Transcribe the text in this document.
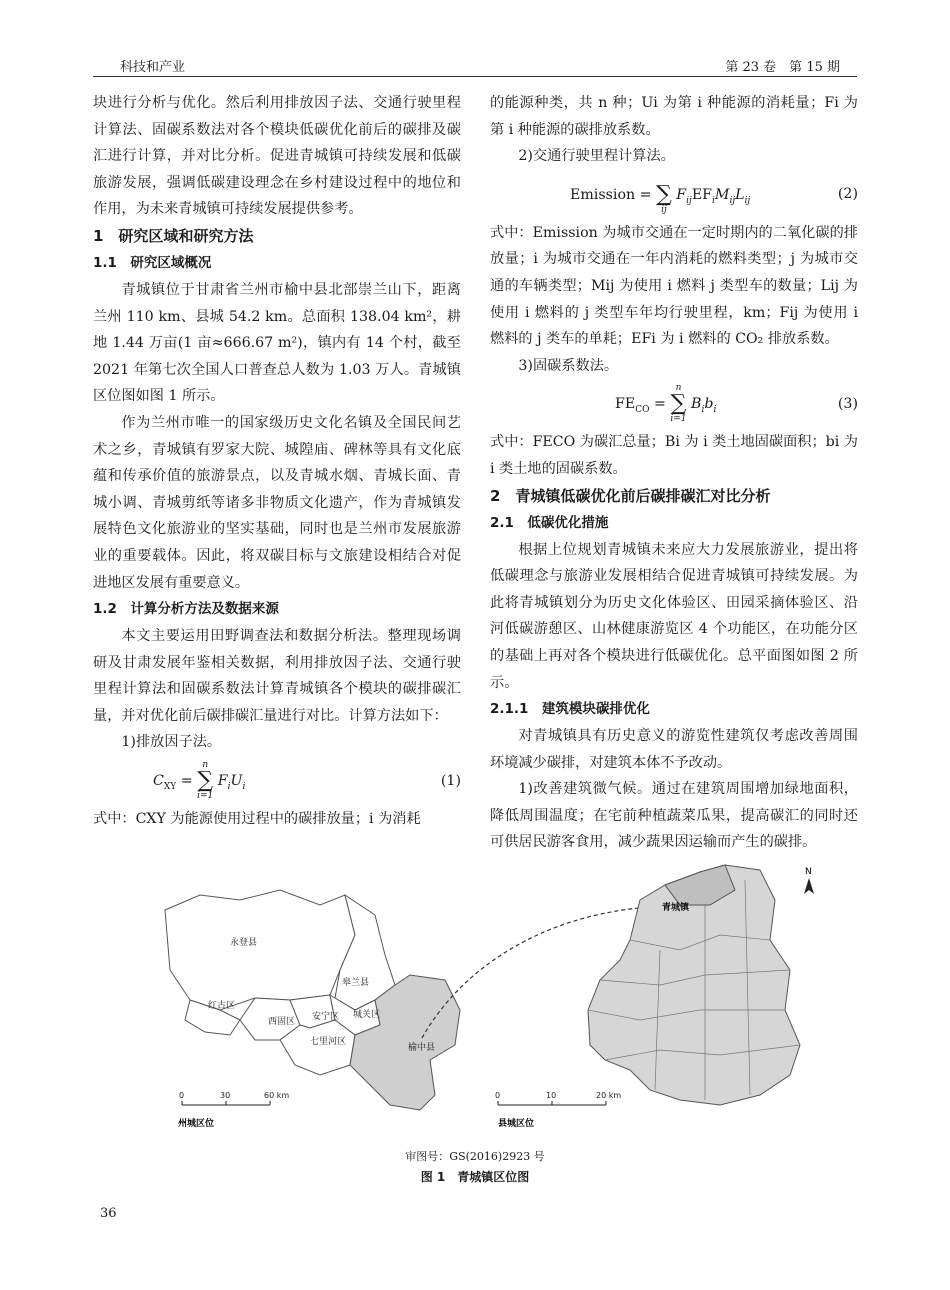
科技和产业	第 23 卷　第 15 期

块进行分析与优化。然后利用排放因子法、交通行驶里程计算法、固碳系数法对各个模块低碳优化前后的碳排及碳汇进行计算，并对比分析。促进青城镇可持续发展和低碳旅游发展，强调低碳建设理念在乡村建设过程中的地位和作用，为未来青城镇可持续发展提供参考。

1　研究区域和研究方法
1.1　研究区域概况

青城镇位于甘肃省兰州市榆中县北部崇兰山下，距离兰州 110 km、县城 54.2 km。总面积 138.04 km²，耕地 1.44 万亩(1 亩≈666.67 m²)，镇内有 14 个村，截至 2021 年第七次全国人口普查总人数为 1.03 万人。青城镇区位图如图 1 所示。

作为兰州市唯一的国家级历史文化名镇及全国民间艺术之乡，青城镇有罗家大院、城隍庙、碑林等具有文化底蕴和传承价值的旅游景点，以及青城水烟、青城长面、青城小调、青城剪纸等诸多非物质文化遗产，作为青城镇发展特色文化旅游业的坚实基础，同时也是兰州市发展旅游业的重要载体。因此，将双碳目标与文旅建设相结合对促进地区发展有重要意义。

1.2　计算分析方法及数据来源

本文主要运用田野调查法和数据分析法。整理现场调研及甘肃发展年鉴相关数据，利用排放因子法、交通行驶里程计算法和固碳系数法计算青城镇各个模块的碳排碳汇量，并对优化前后碳排碳汇量进行对比。计算方法如下：

1)排放因子法。

$C_{XY}$ =
n
∑
i=1
$F_iU_i$	(1)

式中：CXY 为能源使用过程中的碳排放量；i 为消耗

的能源种类，共 n 种；Ui 为第 i 种能源的消耗量；Fi 为第 i 种能源的碳排放系数。

2)交通行驶里程计算法。

Emission =
∑
ij
$F_{ij}EF_iM_{ij}L_{ij}$	(2)

式中：Emission 为城市交通在一定时期内的二氧化碳的排放量；i 为城市交通在一年内消耗的燃料类型；j 为城市交通的车辆类型；Mij 为使用 i 燃料 j 类型车的数量；Lij 为使用 i 燃料的 j 类型车年均行驶里程，km；Fij 为使用 i 燃料的 j 类车的单耗；EFi 为 i 燃料的 CO₂ 排放系数。

3)固碳系数法。

$FE_{CO}$ =
n
∑
i=1
$B_ib_i$	(3)

式中：FECO 为碳汇总量；Bi 为 i 类土地固碳面积；bi 为 i 类土地的固碳系数。

2　青城镇低碳优化前后碳排碳汇对比分析
2.1　低碳优化措施

根据上位规划青城镇未来应大力发展旅游业，提出将低碳理念与旅游业发展相结合促进青城镇可持续发展。为此将青城镇划分为历史文化体验区、田园采摘体验区、沿河低碳游憩区、山林健康游览区 4 个功能区，在功能分区的基础上再对各个模块进行低碳优化。总平面图如图 2 所示。

2.1.1　建筑模块碳排优化

对青城镇具有历史意义的游览性建筑仅考虑改善周围环境减少碳排，对建筑本体不予改动。

1)改善建筑微气候。通过在建筑周围增加绿地面积，降低周围温度；在宅前种植蔬菜瓜果，提高碳汇的同时还可供居民游客食用，减少蔬果因运输而产生的碳排。

永登县
皋兰县
红古区
西固区 安宁区 城关区
七里河区
榆中县
0	30	60 km
州城区位
青城镇
N
0	10	20 km
县城区位
审图号：GS(2016)2923 号
图 1　青城镇区位图
36
